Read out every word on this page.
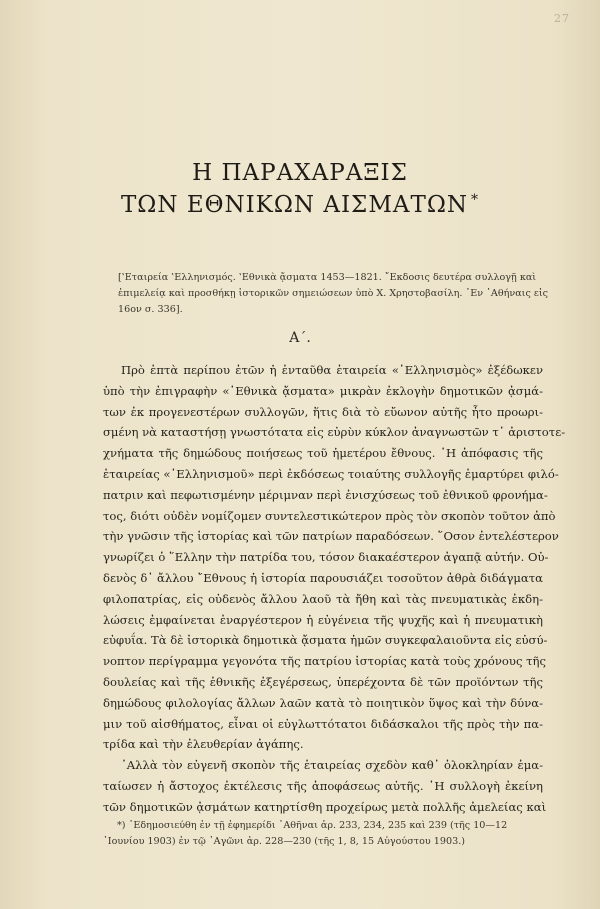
27
Η ΠΑΡΑΧΑΡΑΞΙΣ
ΤΩΝ ΕΘΝΙΚΩΝ ΑΙΣΜΑΤΩΝ *
[‛Εταιρεία ‛Ελληνισμός. ‛Εθνικὰ ᾄσματα 1453—1821. ῎Εκδοσις δευτέρα συλλογῇ καὶ
ἐπιμελείᾳ καὶ προσθήκῃ ἱστορικῶν σημειώσεων ὑπὸ Χ. Χρηστοβασίλη. ᾿Εν ᾿Αθήναις εἰς
16ον σ. 336].
Α΄.
Πρὸ ἑπτὰ περίπου ἐτῶν ἡ ἐνταῦθα ἑταιρεία «῾Ελληνισμὸς» ἐξέδωκεν
ὑπὸ τὴν ἐπιγραφὴν «῾Εθνικὰ ᾄσματα» μικρὰν ἐκλογὴν δημοτικῶν ᾀσμά-
των ἐκ προγενεστέρων συλλογῶν, ἥτις διὰ τὸ εὔωνον αὐτῆς ἦτο προωρι-
σμένη νὰ καταστήσῃ γνωστότατα εἰς εὐρὺν κύκλον ἀναγνωστῶν τ᾿ ἀριστοτε-
χνήματα τῆς δημώδους ποιήσεως τοῦ ἡμετέρου ἔθνους. ῾Η ἀπόφασις τῆς
ἑταιρείας «῾Ελληνισμοῦ» περὶ ἐκδόσεως τοιαύτης συλλογῆς ἐμαρτύρει φιλό-
πατριν καὶ πεφωτισμένην μέριμναν περὶ ἐνισχύσεως τοῦ ἐθνικοῦ φρονήμα-
τος, διότι οὐδὲν νομίζομεν συντελεστικώτερον πρὸς τὸν σκοπὸν τοῦτον ἀπὸ
τὴν γνῶσιν τῆς ἱστορίας καὶ τῶν πατρίων παραδόσεων. ῞Οσον ἐντελέστερον
γνωρίζει ὁ ῞Ελλην τὴν πατρίδα του, τόσον διακαέστερον ἀγαπᾷ αὐτήν. Οὐ-
δενὸς δ᾿ ἄλλου ῎Εθνους ἡ ἱστορία παρουσιάζει τοσοῦτον ἀθρὰ διδάγματα
φιλοπατρίας, εἰς οὐδενὸς ἄλλου λαοῦ τὰ ἤθη καὶ τὰς πνευματικὰς ἐκδη-
λώσεις ἐμφαίνεται ἐναργέστερον ἡ εὐγένεια τῆς ψυχῆς καὶ ἡ πνευματικὴ
εὐφυΐα. Τὰ δὲ ἱστορικὰ δημοτικὰ ᾄσματα ἡμῶν συγκεφαλαιοῦντα εἰς εὐσύ-
νοπτον περίγραμμα γεγονότα τῆς πατρίου ἱστορίας κατὰ τοὺς χρόνους τῆς
δουλείας καὶ τῆς ἐθνικῆς ἐξεγέρσεως, ὑπερέχοντα δὲ τῶν προϊόντων τῆς
δημώδους φιλολογίας ἄλλων λαῶν κατὰ τὸ ποιητικὸν ὕψος καὶ τὴν δύνα-
μιν τοῦ αἰσθήματος, εἶναι οἱ εὐγλωττότατοι διδάσκαλοι τῆς πρὸς τὴν πα-
τρίδα καὶ τὴν ἐλευθερίαν ἀγάπης.
᾿Αλλὰ τὸν εὐγενῆ σκοπὸν τῆς ἑταιρείας σχεδὸν καθ᾿ ὁλοκληρίαν ἐμα-
ταίωσεν ἡ ἄστοχος ἐκτέλεσις τῆς ἀποφάσεως αὐτῆς. ῾Η συλλογὴ ἐκείνη
τῶν δημοτικῶν ᾀσμάτων κατηρτίσθη προχείρως μετὰ πολλῆς ἀμελείας καὶ
*) ᾿Εδημοσιεύθη ἐν τῇ ἐφημερίδι ᾿Αθῆναι ἀρ. 233, 234, 235 καὶ 239 (τῆς 10—12
᾿Ιουνίου 1903) ἐν τῷ ᾿Αγῶνι ἀρ. 228—230 (τῆς 1, 8, 15 Αὐγούστου 1903.)
